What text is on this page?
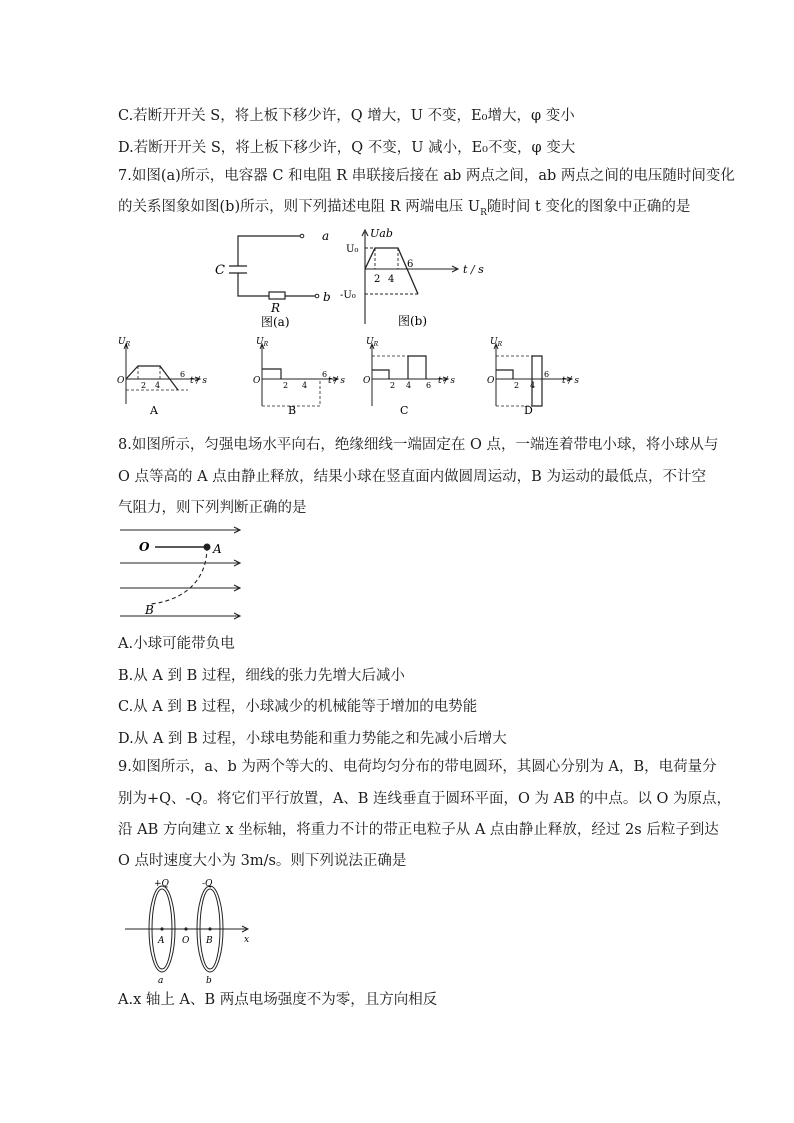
C.若断开开关 S，将上板下移少许，Q 增大，U 不变，E₀增大，φ 变小
D.若断开开关 S，将上板下移少许，Q 不变，U 减小，E₀不变，φ 变大
7.如图(a)所示，电容器 C 和电阻 R 串联接后接在 ab 两点之间，ab 两点之间的电压随时间变化
的关系图象如图(b)所示，则下列描述电阻 R 两端电压 $U_R$随时间 t 变化的图象中正确的是
C
R
a
b
图(a)
Uab
U₀
-U₀
2 4
6	t / s
图(b)
$U_R$
O 2 4
6
t / s
A
$U_R$
O	2 4
6
t / s
B
$U_R$
O 2 4 6 t / s
C
$U_R$
O 2 4
6
t / s
D
8.如图所示，匀强电场水平向右，绝缘细线一端固定在 O 点，一端连着带电小球，将小球从与
O 点等高的 A 点由静止释放，结果小球在竖直面内做圆周运动，B 为运动的最低点，不计空
气阻力，则下列判断正确的是
O	A
B
A.小球可能带负电
B.从 A 到 B 过程，细线的张力先增大后减小
C.从 A 到 B 过程，小球减少的机械能等于增加的电势能
D.从 A 到 B 过程，小球电势能和重力势能之和先减小后增大
9.如图所示，a、b 为两个等大的、电荷均匀分布的带电圆环，其圆心分别为 A，B，电荷量分
别为+Q、-Q。将它们平行放置，A、B 连线垂直于圆环平面，O 为 AB 的中点。以 O 为原点，
沿 AB 方向建立 x 坐标轴，将重力不计的带正电粒子从 A 点由静止释放，经过 2s 后粒子到达
O 点时速度大小为 3m/s。则下列说法正确是
+Q	-Q
A O B	x
a	b
A.x 轴上 A、B 两点电场强度不为零，且方向相反
